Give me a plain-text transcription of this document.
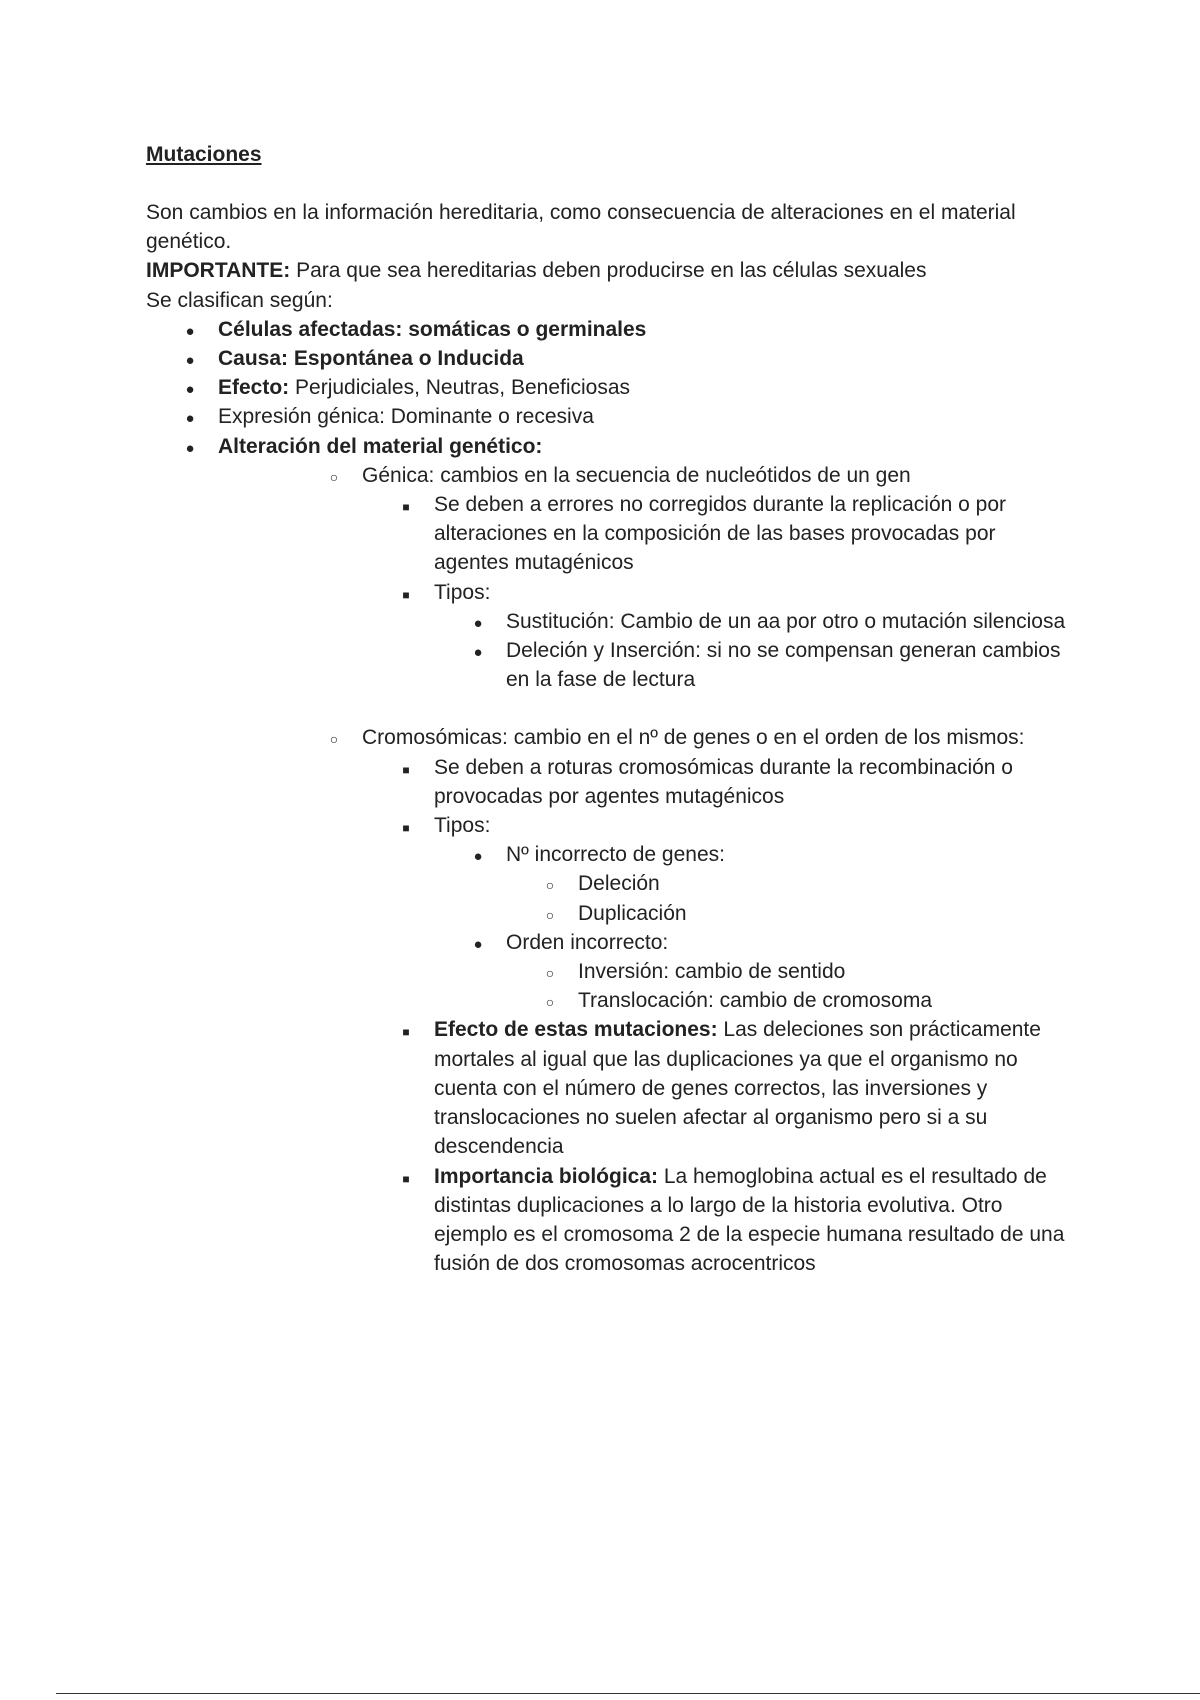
Mutaciones

Son cambios en la información hereditaria, como consecuencia de alteraciones en el material genético.

IMPORTANTE: Para que sea hereditarias deben producirse en las células sexuales

Se clasifican según:

●
Células afectadas: somáticas o germinales
●
Causa: Espontánea o Inducida
●
Efecto: Perjudiciales, Neutras, Beneficiosas
●
Expresión génica: Dominante o recesiva
●
Alteración del material genético:
○
Génica: cambios en la secuencia de nucleótidos de un gen
■
Se deben a errores no corregidos durante la replicación o por alteraciones en la composición de las bases provocadas por agentes mutagénicos
■
Tipos:
●
Sustitución: Cambio de un aa por otro o mutación silenciosa
●
Deleción y Inserción: si no se compensan generan cambios en la fase de lectura
○
Cromosómicas: cambio en el nº de genes o en el orden de los mismos:
■
Se deben a roturas cromosómicas durante la recombinación o provocadas por agentes mutagénicos
■
Tipos:
●
Nº incorrecto de genes:
○
Deleción
○
Duplicación
●
Orden incorrecto:
○
Inversión: cambio de sentido
○
Translocación: cambio de cromosoma
■
Efecto de estas mutaciones: Las deleciones son prácticamente mortales al igual que las duplicaciones ya que el organismo no cuenta con el número de genes correctos, las inversiones y translocaciones no suelen afectar al organismo pero si a su descendencia
■
Importancia biológica: La hemoglobina actual es el resultado de distintas duplicaciones a lo largo de la historia evolutiva. Otro ejemplo es el cromosoma 2 de la especie humana resultado de una fusión de dos cromosomas acrocentricos
